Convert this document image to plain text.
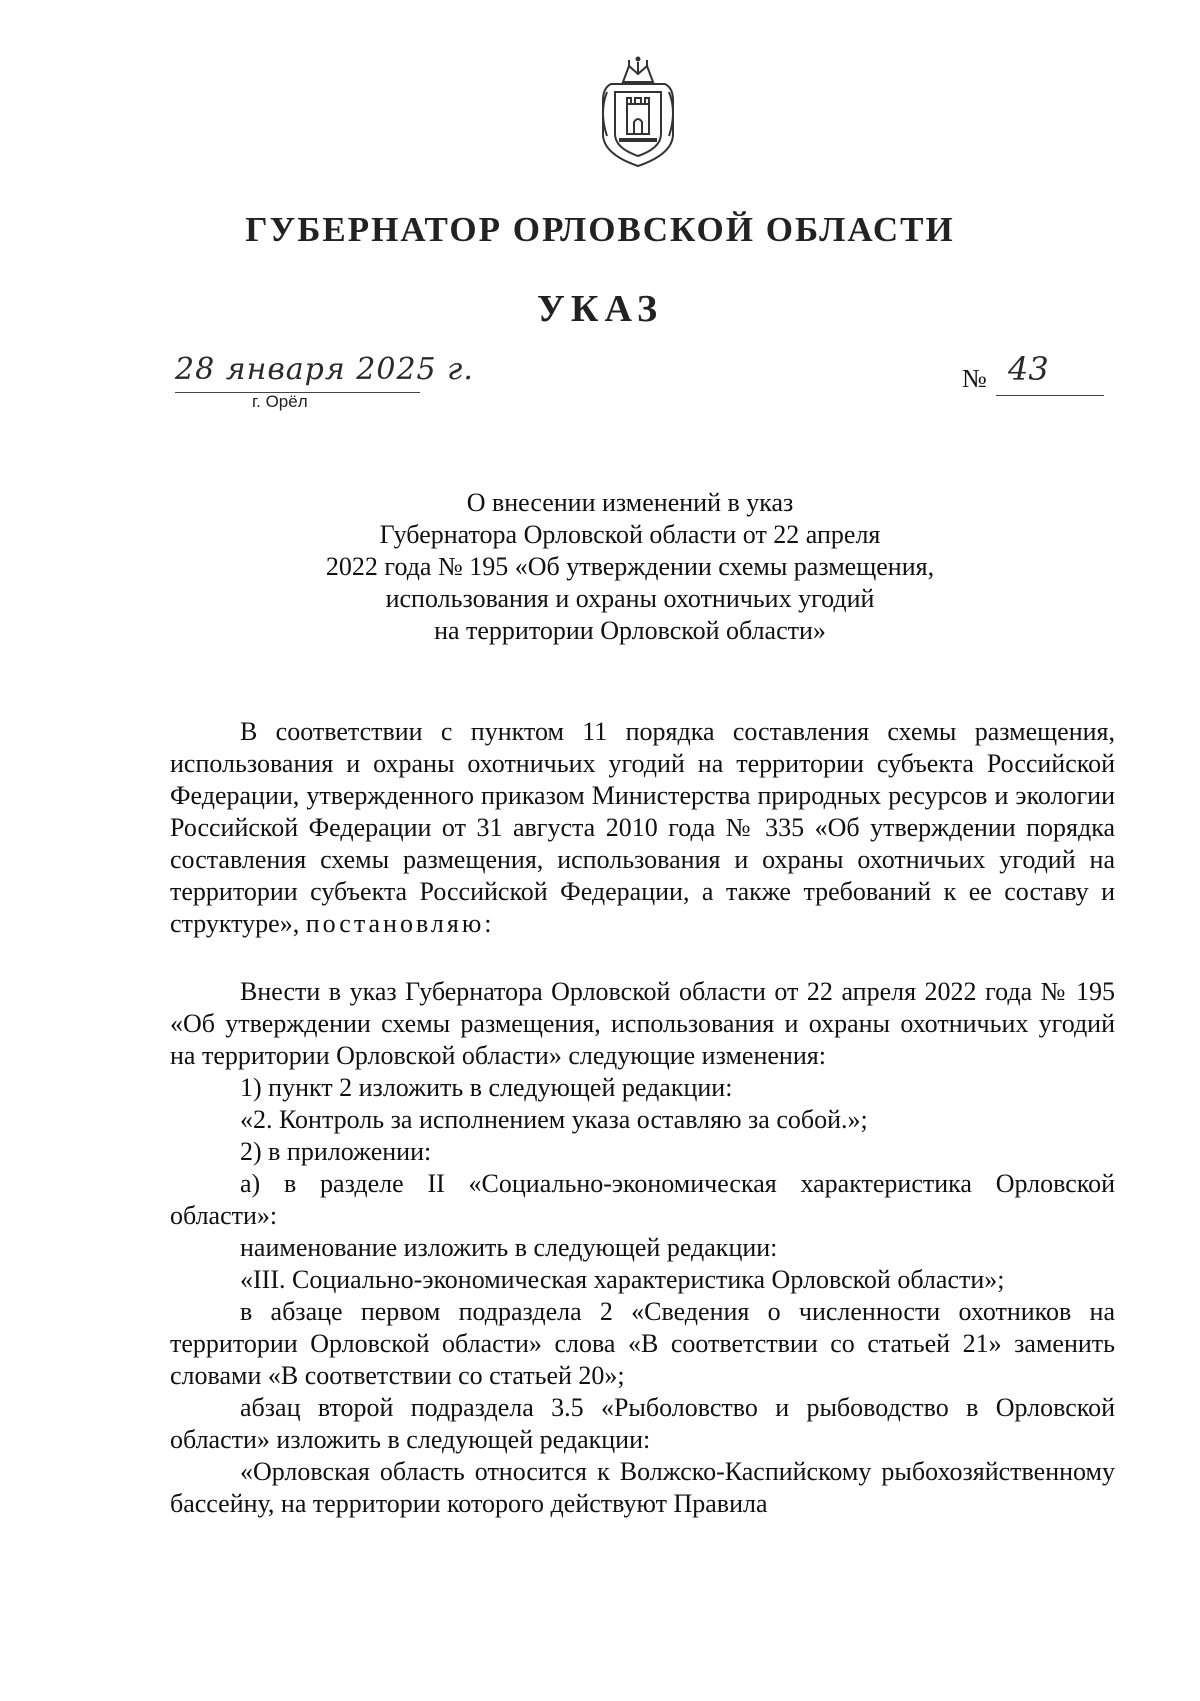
ГУБЕРНАТОР ОРЛОВСКОЙ ОБЛАСТИ
УКАЗ
28 января 2025 г.
г. Орёл
№ 43
О внесении изменений в указ
Губернатора Орловской области от 22 апреля
2022 года № 195 «Об утверждении схемы размещения,
использования и охраны охотничьих угодий
на территории Орловской области»

В соответствии с пунктом 11 порядка составления схемы размещения, использования и охраны охотничьих угодий на территории субъекта Российской Федерации, утвержденного приказом Министерства природных ресурсов и экологии Российской Федерации от 31 августа 2010 года № 335 «Об утверждении порядка составления схемы размещения, использования и охраны охотничьих угодий на территории субъекта Российской Федерации, а также требований к ее составу и структуре», постановляю:

Внести в указ Губернатора Орловской области от 22 апреля 2022 года № 195 «Об утверждении схемы размещения, использования и охраны охотничьих угодий на территории Орловской области» следующие изменения:

1) пункт 2 изложить в следующей редакции:

«2. Контроль за исполнением указа оставляю за собой.»;

2) в приложении:

а) в разделе II «Социально-экономическая характеристика Орловской области»:

наименование изложить в следующей редакции:

«III. Социально-экономическая характеристика Орловской области»;

в абзаце первом подраздела 2 «Сведения о численности охотников на территории Орловской области» слова «В соответствии со статьей 21» заменить словами «В соответствии со статьей 20»;

абзац второй подраздела 3.5 «Рыболовство и рыбоводство в Орловской области» изложить в следующей редакции:

«Орловская область относится к Волжско-Каспийскому рыбохозяйственному бассейну, на территории которого действуют Правила
